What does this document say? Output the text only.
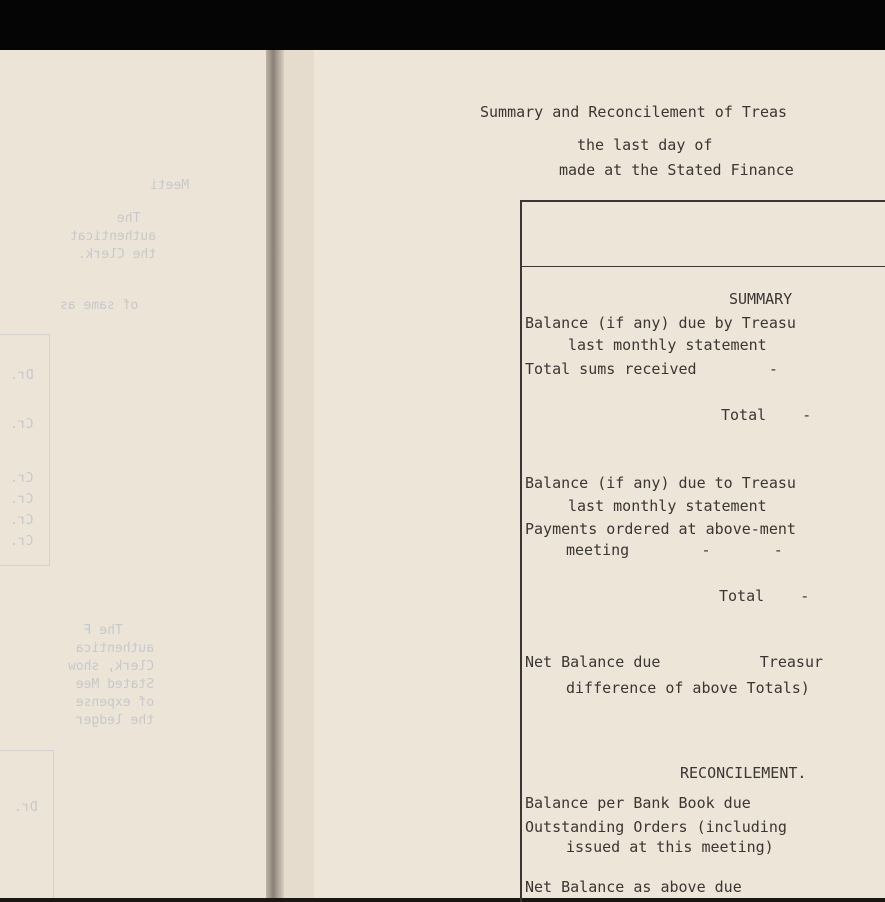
Meeti

The
authenticat
the Clerk.
of same as
Dr.
Cr.
Cr.
Cr.
Cr.
Cr.
The F
authentica
Clerk, show
Stated Mee
of expense
the ledger
Dr.
Summary and Reconcilement of Treas
the last day of
made at the Stated Finance
SUMMARY
Balance (if any) due by Treasu
last monthly statement
Total sums received        -
Total    -
Balance (if any) due to Treasu
last monthly statement
Payments ordered at above-ment
meeting        -       -
Total    -
Net Balance due           Treasur
difference of above Totals)
RECONCILEMENT.
Balance per Bank Book due
Outstanding Orders (including
issued at this meeting)
Net Balance as above due
